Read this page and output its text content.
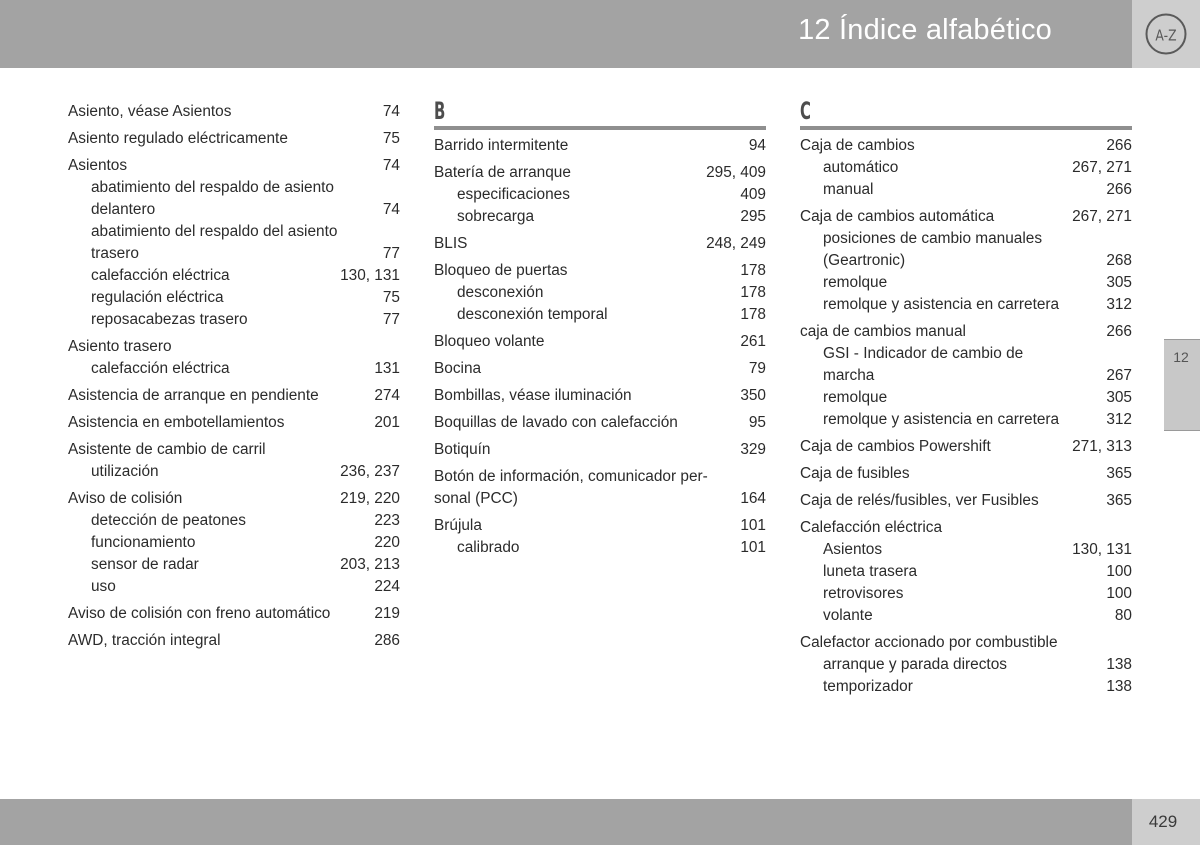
12 Índice alfabético	A-Z
12
429
Asiento, véase Asientos	74
Asiento regulado eléctricamente	75
Asientos	74
abatimiento del respaldo de asiento
delantero	74
abatimiento del respaldo del asiento
trasero	77
calefacción eléctrica	130, 131
regulación eléctrica	75
reposacabezas trasero	77
Asiento trasero
calefacción eléctrica	131
Asistencia de arranque en pendiente	274
Asistencia en embotellamientos	201
Asistente de cambio de carril
utilización	236, 237
Aviso de colisión	219, 220
detección de peatones	223
funcionamiento	220
sensor de radar	203, 213
uso	224
Aviso de colisión con freno automático	219
AWD, tracción integral	286
B
Barrido intermitente	94
Batería de arranque	295, 409
especificaciones	409
sobrecarga	295
BLIS	248, 249
Bloqueo de puertas	178
desconexión	178
desconexión temporal	178
Bloqueo volante	261
Bocina	79
Bombillas, véase iluminación	350
Boquillas de lavado con calefacción	95
Botiquín	329
Botón de información, comunicador per-
sonal (PCC)	164
Brújula	101
calibrado	101
C
Caja de cambios	266
automático	267, 271
manual	266
Caja de cambios automática	267, 271
posiciones de cambio manuales
(Geartronic)	268
remolque	305
remolque y asistencia en carretera	312
caja de cambios manual	266
GSI - Indicador de cambio de
marcha	267
remolque	305
remolque y asistencia en carretera	312
Caja de cambios Powershift	271, 313
Caja de fusibles	365
Caja de relés/fusibles, ver Fusibles	365
Calefacción eléctrica
Asientos	130, 131
luneta trasera	100
retrovisores	100
volante	80
Calefactor accionado por combustible
arranque y parada directos	138
temporizador	138
